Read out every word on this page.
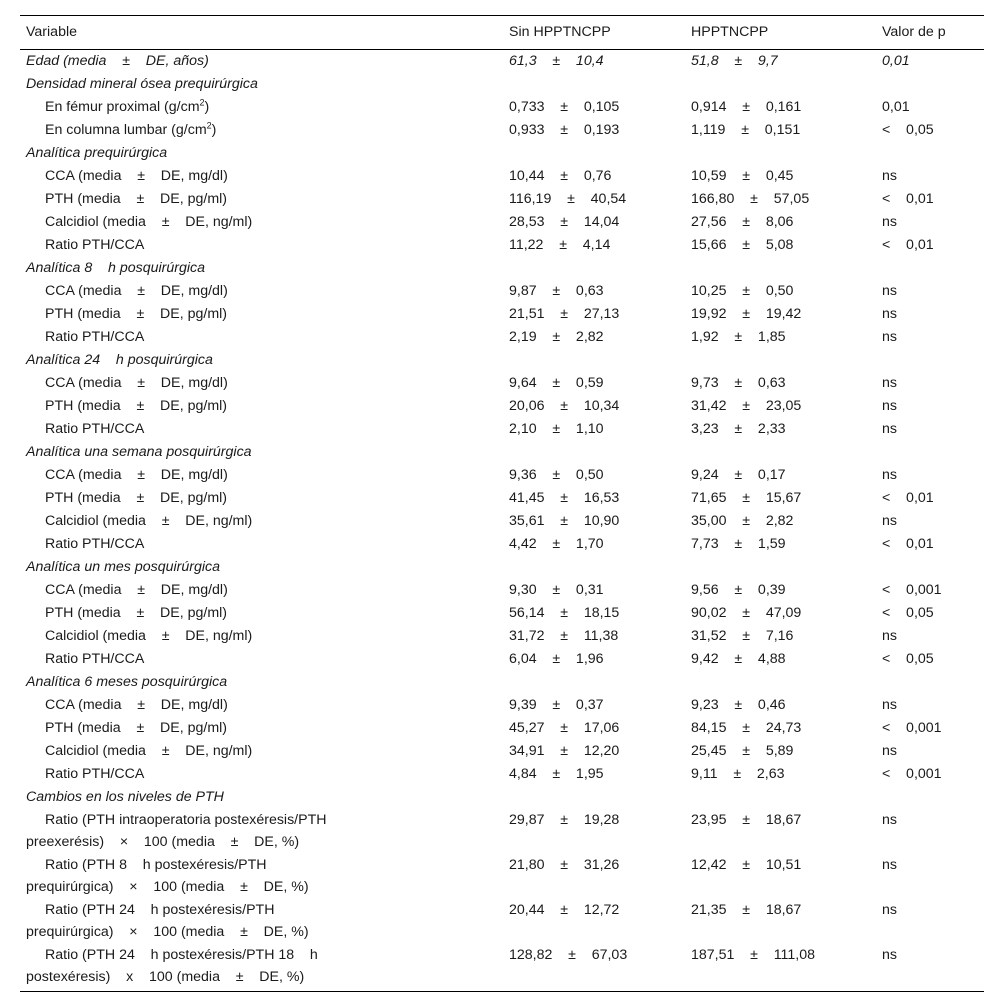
Variable	Sin HPPTNCPP	HPPTNCPP	Valor de p
Edad (media    ±    DE, años)	61,3    ±    10,4	51,8    ±    9,7	0,01
Densidad mineral ósea prequirúrgica			
En fémur proximal $(g/cm^2)$	0,733    ±    0,105	0,914    ±    0,161	0,01
En columna lumbar $(g/cm^2)$	0,933    ±    0,193	1,119    ±    0,151	<    0,05
Analítica prequirúrgica			
CCA (media    ±    DE, mg/dl)	10,44    ±    0,76	10,59    ±    0,45	ns
PTH (media    ±    DE, pg/ml)	116,19    ±    40,54	166,80    ±    57,05	<    0,01
Calcidiol (media    ±    DE, ng/ml)	28,53    ±    14,04	27,56    ±    8,06	ns
Ratio PTH/CCA	11,22    ±    4,14	15,66    ±    5,08	<    0,01
Analítica 8    h posquirúrgica			
CCA (media    ±    DE, mg/dl)	9,87    ±    0,63	10,25    ±    0,50	ns
PTH (media    ±    DE, pg/ml)	21,51    ±    27,13	19,92    ±    19,42	ns
Ratio PTH/CCA	2,19    ±    2,82	1,92    ±    1,85	ns
Analítica 24    h posquirúrgica			
CCA (media    ±    DE, mg/dl)	9,64    ±    0,59	9,73    ±    0,63	ns
PTH (media    ±    DE, pg/ml)	20,06    ±    10,34	31,42    ±    23,05	ns
Ratio PTH/CCA	2,10    ±    1,10	3,23    ±    2,33	ns
Analítica una semana posquirúrgica			
CCA (media    ±    DE, mg/dl)	9,36    ±    0,50	9,24    ±    0,17	ns
PTH (media    ±    DE, pg/ml)	41,45    ±    16,53	71,65    ±    15,67	<    0,01
Calcidiol (media    ±    DE, ng/ml)	35,61    ±    10,90	35,00    ±    2,82	ns
Ratio PTH/CCA	4,42    ±    1,70	7,73    ±    1,59	<    0,01
Analítica un mes posquirúrgica			
CCA (media    ±    DE, mg/dl)	9,30    ±    0,31	9,56    ±    0,39	<    0,001
PTH (media    ±    DE, pg/ml)	56,14    ±    18,15	90,02    ±    47,09	<    0,05
Calcidiol (media    ±    DE, ng/ml)	31,72    ±    11,38	31,52    ±    7,16	ns
Ratio PTH/CCA	6,04    ±    1,96	9,42    ±    4,88	<    0,05
Analítica 6 meses posquirúrgica			
CCA (media    ±    DE, mg/dl)	9,39    ±    0,37	9,23    ±    0,46	ns
PTH (media    ±    DE, pg/ml)	45,27    ±    17,06	84,15    ±    24,73	<    0,001
Calcidiol (media    ±    DE, ng/ml)	34,91    ±    12,20	25,45    ±    5,89	ns
Ratio PTH/CCA	4,84    ±    1,95	9,11    ±    2,63	<    0,001
Cambios en los niveles de PTH			
Ratio (PTH intraoperatoria postexéresis/PTH
preexerésis)    ×    100 (media    ±    DE, %)	29,87    ±    19,28	23,95    ±    18,67	ns
Ratio (PTH 8    h postexéresis/PTH
prequirúrgica)    ×    100 (media    ±    DE, %)	21,80    ±    31,26	12,42    ±    10,51	ns
Ratio (PTH 24    h postexéresis/PTH
prequirúrgica)    ×    100 (media    ±    DE, %)	20,44    ±    12,72	21,35    ±    18,67	ns
Ratio (PTH 24    h postexéresis/PTH 18    h
postexéresis)    x    100 (media    ±    DE, %)	128,82    ±    67,03	187,51    ±    111,08	ns
